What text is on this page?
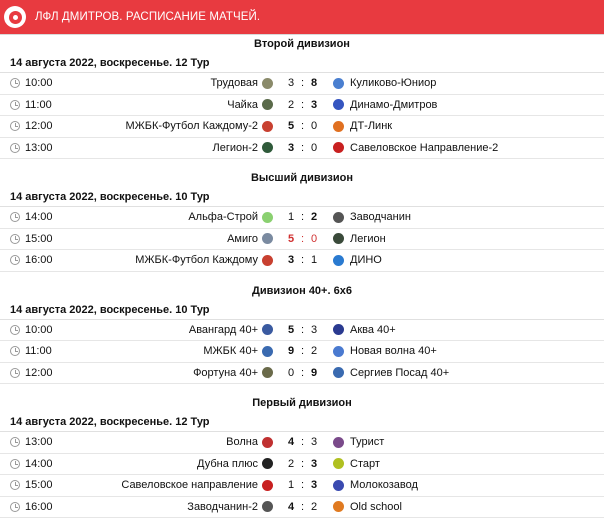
ЛФЛ ДМИТРОВ. РАСПИСАНИЕ МАТЧЕЙ.
Второй дивизион
14 августа 2022, воскресенье. 12 Тур
10:00	Трудовая	3 : 8	Куликово-Юниор
11:00	Чайка	2 : 3	Динамо-Дмитров
12:00	МЖБК-Футбол Каждому-2	5 : 0	ДТ-Линк
13:00	Легион-2	3 : 0	Савеловское Направление-2
Высший дивизион
14 августа 2022, воскресенье. 10 Тур
14:00	Альфа-Строй	1 : 2	Заводчанин
15:00	Амиго	5 : 0	Легион
16:00	МЖБК-Футбол Каждому	3 : 1	ДИНО
Дивизион 40+. 6х6
14 августа 2022, воскресенье. 10 Тур
10:00	Авангард 40+	5 : 3	Аква 40+
11:00	МЖБК 40+	9 : 2	Новая волна 40+
12:00	Фортуна 40+	0 : 9	Сергиев Посад 40+
Первый дивизион
14 августа 2022, воскресенье. 12 Тур
13:00	Волна	4 : 3	Турист
14:00	Дубна плюс	2 : 3	Старт
15:00	Савеловское направление	1 : 3	Молокозавод
16:00	Заводчанин-2	4 : 2	Old school
